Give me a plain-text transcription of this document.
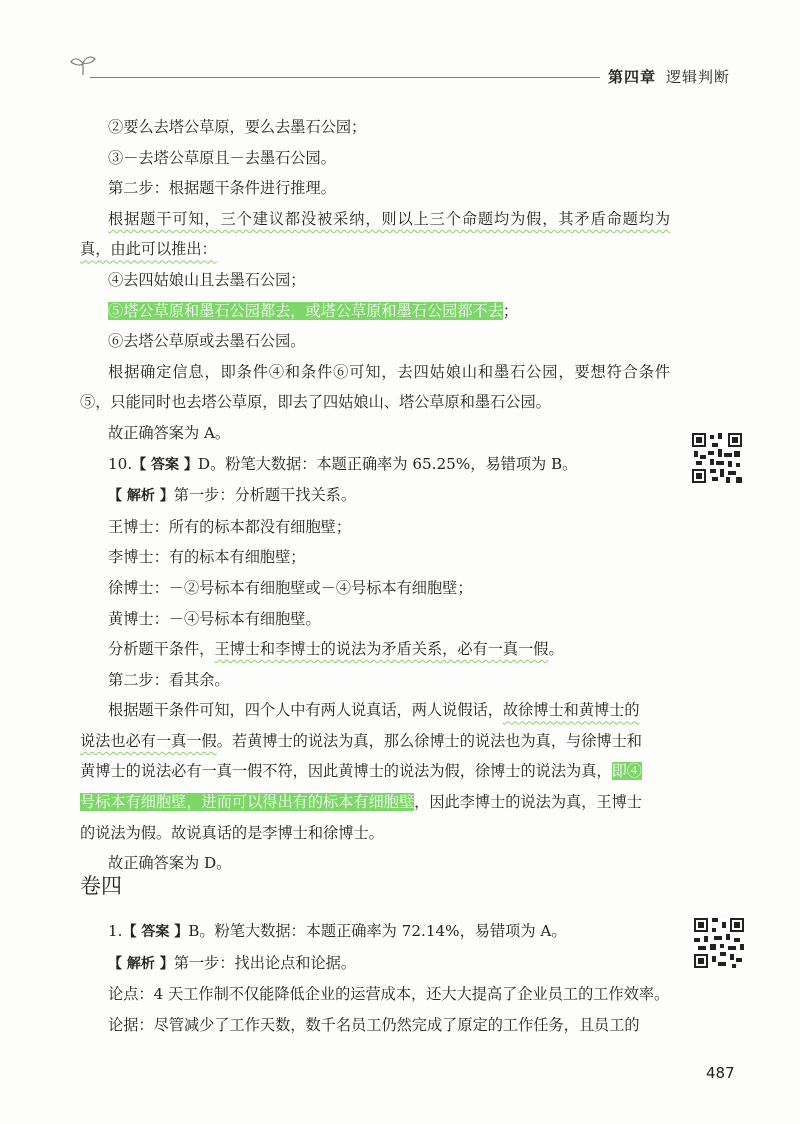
第四章 逻辑判断

②要么去塔公草原，要么去墨石公园；

③－去塔公草原且－去墨石公园。

第二步：根据题干条件进行推理。

根据题干可知，三个建议都没被采纳，则以上三个命题均为假，其矛盾命题均为

真，由此可以推出：

④去四姑娘山且去墨石公园；

⑤塔公草原和墨石公园都去，或塔公草原和墨石公园都不去；

⑥去塔公草原或去墨石公园。

根据确定信息，即条件④和条件⑥可知，去四姑娘山和墨石公园，要想符合条件

⑤，只能同时也去塔公草原，即去了四姑娘山、塔公草原和墨石公园。

故正确答案为 A。

10.【 答案 】D。粉笔大数据：本题正确率为 65.25%，易错项为 B。

【 解析 】第一步：分析题干找关系。

王博士：所有的标本都没有细胞壁；

李博士：有的标本有细胞壁；

徐博士：－②号标本有细胞壁或－④号标本有细胞壁；

黄博士：－④号标本有细胞壁。

分析题干条件，王博士和李博士的说法为矛盾关系，必有一真一假。

第二步：看其余。

根据题干条件可知，四个人中有两人说真话，两人说假话，故徐博士和黄博士的

说法也必有一真一假。若黄博士的说法为真，那么徐博士的说法也为真，与徐博士和

黄博士的说法必有一真一假不符，因此黄博士的说法为假，徐博士的说法为真，即④

号标本有细胞壁，进而可以得出有的标本有细胞壁，因此李博士的说法为真，王博士

的说法为假。故说真话的是李博士和徐博士。

故正确答案为 D。

卷四

1.【 答案 】B。粉笔大数据：本题正确率为 72.14%，易错项为 A。

【 解析 】第一步：找出论点和论据。

论点：4 天工作制不仅能降低企业的运营成本，还大大提高了企业员工的工作效率。

论据：尽管减少了工作天数，数千名员工仍然完成了原定的工作任务，且员工的

487
